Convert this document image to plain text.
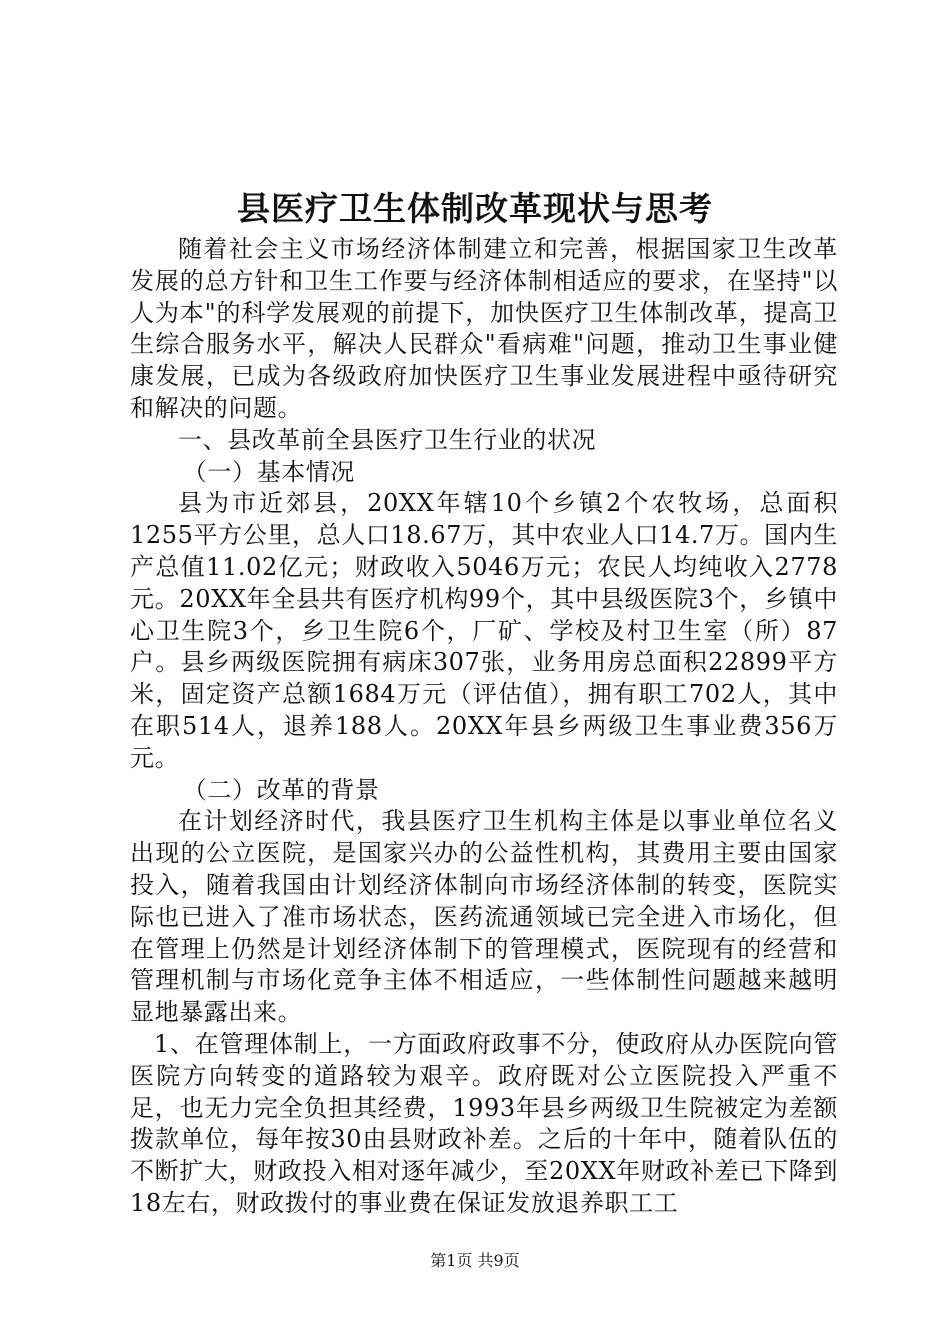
县医疗卫生体制改革现状与思考

随着社会主义市场经济体制建立和完善，根据国家卫生改革发展的总方针和卫生工作要与经济体制相适应的要求，在坚持"以人为本"的科学发展观的前提下，加快医疗卫生体制改革，提高卫生综合服务水平，解决人民群众"看病难"问题，推动卫生事业健康发展，已成为各级政府加快医疗卫生事业发展进程中亟待研究和解决的问题。

一、县改革前全县医疗卫生行业的状况

（一）基本情况

县为市近郊县，20XX年辖10个乡镇2个农牧场，总面积1255平方公里，总人口18.67万，其中农业人口14.7万。国内生产总值11.02亿元；财政收入5046万元；农民人均纯收入2778元。20XX年全县共有医疗机构99个，其中县级医院3个，乡镇中心卫生院3个，乡卫生院6个，厂矿、学校及村卫生室（所）87户。县乡两级医院拥有病床307张，业务用房总面积22899平方米，固定资产总额1684万元（评估值），拥有职工702人，其中在职514人，退养188人。20XX年县乡两级卫生事业费356万元。

（二）改革的背景

在计划经济时代，我县医疗卫生机构主体是以事业单位名义出现的公立医院，是国家兴办的公益性机构，其费用主要由国家投入，随着我国由计划经济体制向市场经济体制的转变，医院实际也已进入了准市场状态，医药流通领域已完全进入市场化，但在管理上仍然是计划经济体制下的管理模式，医院现有的经营和管理机制与市场化竞争主体不相适应，一些体制性问题越来越明显地暴露出来。

1、在管理体制上，一方面政府政事不分，使政府从办医院向管医院方向转变的道路较为艰辛。政府既对公立医院投入严重不足，也无力完全负担其经费，1993年县乡两级卫生院被定为差额拨款单位，每年按30由县财政补差。之后的十年中，随着队伍的不断扩大，财政投入相对逐年减少，至20XX年财政补差已下降到18左右，财政拨付的事业费在保证发放退养职工工

第1页 共9页
